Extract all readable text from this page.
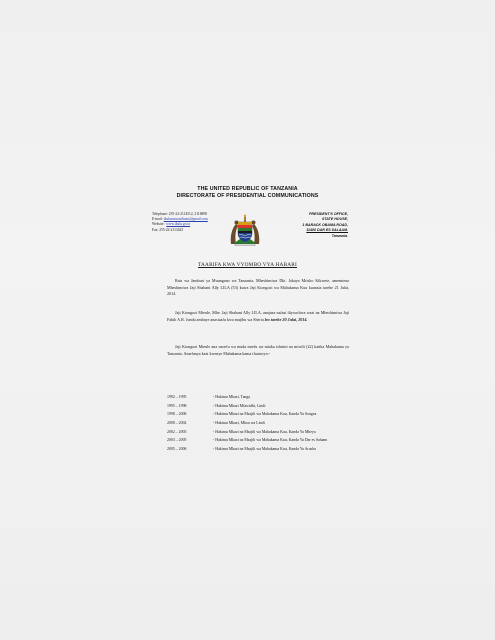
THE UNITED REPUBLIC OF TANZANIA
DIRECTORATE OF PRESIDENTIAL COMMUNICATIONS
Telephone: 255-22-2114512, 2116898
E-mail: ikulumawasiliano@gmail.com
Website : www.ikulu.go.tz
Fax: 255-22-2113425
PRESIDENT'S OFFICE,
STATE HOUSE,
1 BARACK OBAMA ROAD,
11400 DAR ES SALAAM.
Tanzania.
TAARIFA KWA VYOMBO VYA HABARI
Rais wa Jamhuri ya Muungano wa Tanzania, Mheshimiwa Dkt. Jakaya Mrisho Kikwete, amemteua Mheshimiwa Jaji Shabani Ally LILA (53) kuwa Jaji Kiongozi wa Mahakama Kuu kuanzia tarehe 21 Julai, 2014.
Jaji Kiongozi Mteule, Mhe. Jaji Shabani Ally LILA, anajaza nafasi iliyoachwa wazi na Mheshimiwa Jaji Fakih A.R. Jundu ambaye anastaafu kwa mujibu wa Sheria leo tarehe 20 Julai, 2014.
Jaji Kiongozi Mteule ana uzoefu wa muda mrefu wa miaka ishirini na miwili (22) katika Mahakama ya Tanzania. Amefanya kazi kwenye Mahakama kama ifuatavyo:-
1992 – 1995	- Hakimu Mkazi, Tanga
1995 – 1998	- Hakimu Mkazi Mfawidhi, Lindi
1998 – 2000	- Hakimu Mkazi na Msajili wa Mahakama Kuu, Kanda Ya Songea
2000 – 2002	- Hakimu Mkazi, Mkoa wa Lindi
2002 – 2003	- Hakimu Mkazi na Msajili wa Mahakama Kuu, Kanda Ya Mbeya
2003 – 2005	- Hakimu Mkazi na Msajili wa Mahakama Kuu, Kanda Ya Dar es Salaam
2005 – 2006	- Hakimu Mkazi na Msajili wa Mahakama Kuu, Kanda Ya Arusha
